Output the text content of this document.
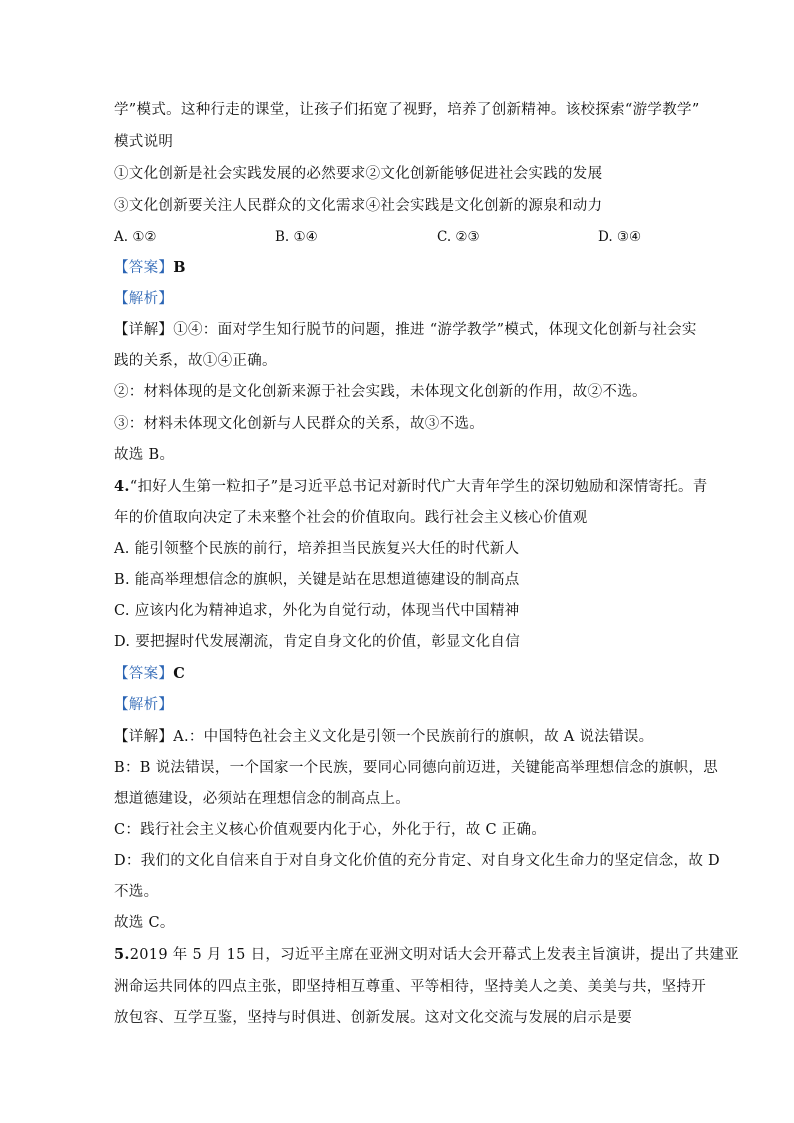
学”模式。这种行走的课堂，让孩子们拓宽了视野，培养了创新精神。该校探索“游学教学”
模式说明
①文化创新是社会实践发展的必然要求②文化创新能够促进社会实践的发展
③文化创新要关注人民群众的文化需求④社会实践是文化创新的源泉和动力
A. ①②	B. ①④	C. ②③	D. ③④
【答案】B
【解析】
【详解】①④：面对学生知行脱节的问题，推进 “游学教学”模式，体现文化创新与社会实
践的关系，故①④正确。
②：材料体现的是文化创新来源于社会实践，未体现文化创新的作用，故②不选。
③：材料未体现文化创新与人民群众的关系，故③不选。
故选 B。
4.“扣好人生第一粒扣子”是习近平总书记对新时代广大青年学生的深切勉励和深情寄托。青
年的价值取向决定了未来整个社会的价值取向。践行社会主义核心价值观
A. 能引领整个民族的前行，培养担当民族复兴大任的时代新人
B. 能高举理想信念的旗帜，关键是站在思想道德建设的制高点
C. 应该内化为精神追求，外化为自觉行动，体现当代中国精神
D. 要把握时代发展潮流，肯定自身文化的价值，彰显文化自信
【答案】C
【解析】
【详解】A.：中国特色社会主义文化是引领一个民族前行的旗帜，故 A 说法错误。
B：B 说法错误，一个国家一个民族，要同心同德向前迈进，关键能高举理想信念的旗帜，思
想道德建设，必须站在理想信念的制高点上。
C：践行社会主义核心价值观要内化于心，外化于行，故 C 正确。
D：我们的文化自信来自于对自身文化价值的充分肯定、对自身文化生命力的坚定信念，故 D
不选。
故选 C。
5.2019 年 5 月 15 日，习近平主席在亚洲文明对话大会开幕式上发表主旨演讲，提出了共建亚
洲命运共同体的四点主张，即坚持相互尊重、平等相待，坚持美人之美、美美与共，坚持开
放包容、互学互鉴，坚持与时俱进、创新发展。这对文化交流与发展的启示是要
